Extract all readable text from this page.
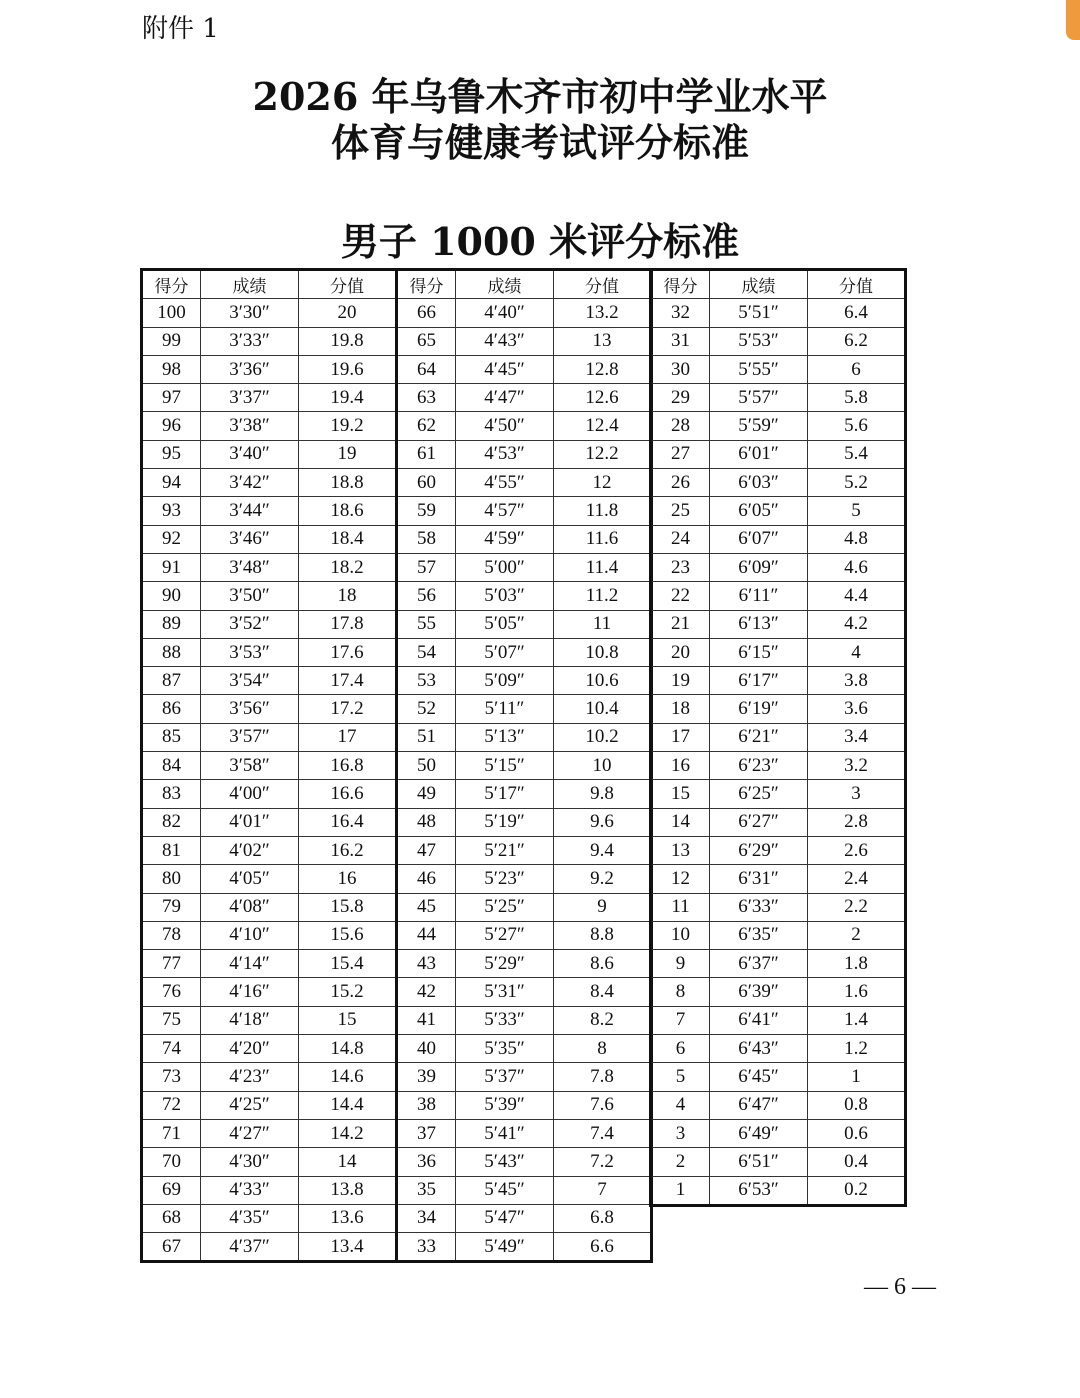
附件 1
2026 年乌鲁木齐市初中学业水平
体育与健康考试评分标准
男子 1000 米评分标准
得分	成绩	分值
100	3′30″	20
99	3′33″	19.8
98	3′36″	19.6
97	3′37″	19.4
96	3′38″	19.2
95	3′40″	19
94	3′42″	18.8
93	3′44″	18.6
92	3′46″	18.4
91	3′48″	18.2
90	3′50″	18
89	3′52″	17.8
88	3′53″	17.6
87	3′54″	17.4
86	3′56″	17.2
85	3′57″	17
84	3′58″	16.8
83	4′00″	16.6
82	4′01″	16.4
81	4′02″	16.2
80	4′05″	16
79	4′08″	15.8
78	4′10″	15.6
77	4′14″	15.4
76	4′16″	15.2
75	4′18″	15
74	4′20″	14.8
73	4′23″	14.6
72	4′25″	14.4
71	4′27″	14.2
70	4′30″	14
69	4′33″	13.8
68	4′35″	13.6
67	4′37″	13.4
得分	成绩	分值
66	4′40″	13.2
65	4′43″	13
64	4′45″	12.8
63	4′47″	12.6
62	4′50″	12.4
61	4′53″	12.2
60	4′55″	12
59	4′57″	11.8
58	4′59″	11.6
57	5′00″	11.4
56	5′03″	11.2
55	5′05″	11
54	5′07″	10.8
53	5′09″	10.6
52	5′11″	10.4
51	5′13″	10.2
50	5′15″	10
49	5′17″	9.8
48	5′19″	9.6
47	5′21″	9.4
46	5′23″	9.2
45	5′25″	9
44	5′27″	8.8
43	5′29″	8.6
42	5′31″	8.4
41	5′33″	8.2
40	5′35″	8
39	5′37″	7.8
38	5′39″	7.6
37	5′41″	7.4
36	5′43″	7.2
35	5′45″	7
34	5′47″	6.8
33	5′49″	6.6
得分	成绩	分值
32	5′51″	6.4
31	5′53″	6.2
30	5′55″	6
29	5′57″	5.8
28	5′59″	5.6
27	6′01″	5.4
26	6′03″	5.2
25	6′05″	5
24	6′07″	4.8
23	6′09″	4.6
22	6′11″	4.4
21	6′13″	4.2
20	6′15″	4
19	6′17″	3.8
18	6′19″	3.6
17	6′21″	3.4
16	6′23″	3.2
15	6′25″	3
14	6′27″	2.8
13	6′29″	2.6
12	6′31″	2.4
11	6′33″	2.2
10	6′35″	2
9	6′37″	1.8
8	6′39″	1.6
7	6′41″	1.4
6	6′43″	1.2
5	6′45″	1
4	6′47″	0.8
3	6′49″	0.6
2	6′51″	0.4
1	6′53″	0.2
— 6 —
